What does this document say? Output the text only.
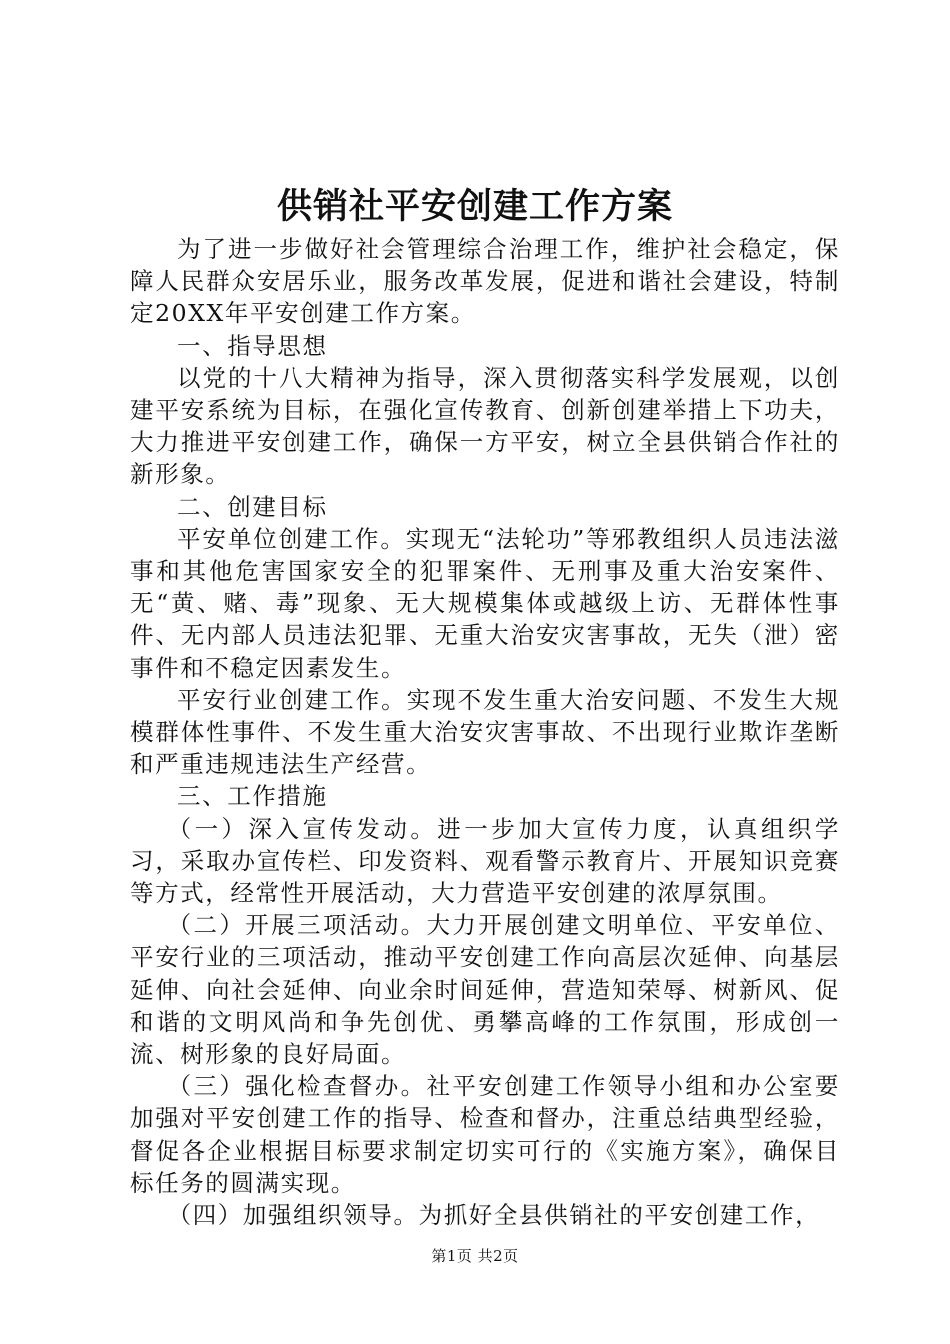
供销社平安创建工作方案

为了进一步做好社会管理综合治理工作，维护社会稳定，保障人民群众安居乐业，服务改革发展，促进和谐社会建设，特制定20XX年平安创建工作方案。

一、指导思想

以党的十八大精神为指导，深入贯彻落实科学发展观，以创建平安系统为目标，在强化宣传教育、创新创建举措上下功夫，大力推进平安创建工作，确保一方平安，树立全县供销合作社的新形象。

二、创建目标

平安单位创建工作。实现无“法轮功”等邪教组织人员违法滋事和其他危害国家安全的犯罪案件、无刑事及重大治安案件、无“黄、赌、毒”现象、无大规模集体或越级上访、无群体性事件、无内部人员违法犯罪、无重大治安灾害事故，无失（泄）密事件和不稳定因素发生。

平安行业创建工作。实现不发生重大治安问题、不发生大规模群体性事件、不发生重大治安灾害事故、不出现行业欺诈垄断和严重违规违法生产经营。

三、工作措施

（一）深入宣传发动。进一步加大宣传力度，认真组织学习，采取办宣传栏、印发资料、观看警示教育片、开展知识竞赛等方式，经常性开展活动，大力营造平安创建的浓厚氛围。

（二）开展三项活动。大力开展创建文明单位、平安单位、平安行业的三项活动，推动平安创建工作向高层次延伸、向基层延伸、向社会延伸、向业余时间延伸，营造知荣辱、树新风、促和谐的文明风尚和争先创优、勇攀高峰的工作氛围，形成创一流、树形象的良好局面。

（三）强化检查督办。社平安创建工作领导小组和办公室要加强对平安创建工作的指导、检查和督办，注重总结典型经验，督促各企业根据目标要求制定切实可行的《实施方案》，确保目标任务的圆满实现。

（四）加强组织领导。为抓好全县供销社的平安创建工作，

第1页 共2页
